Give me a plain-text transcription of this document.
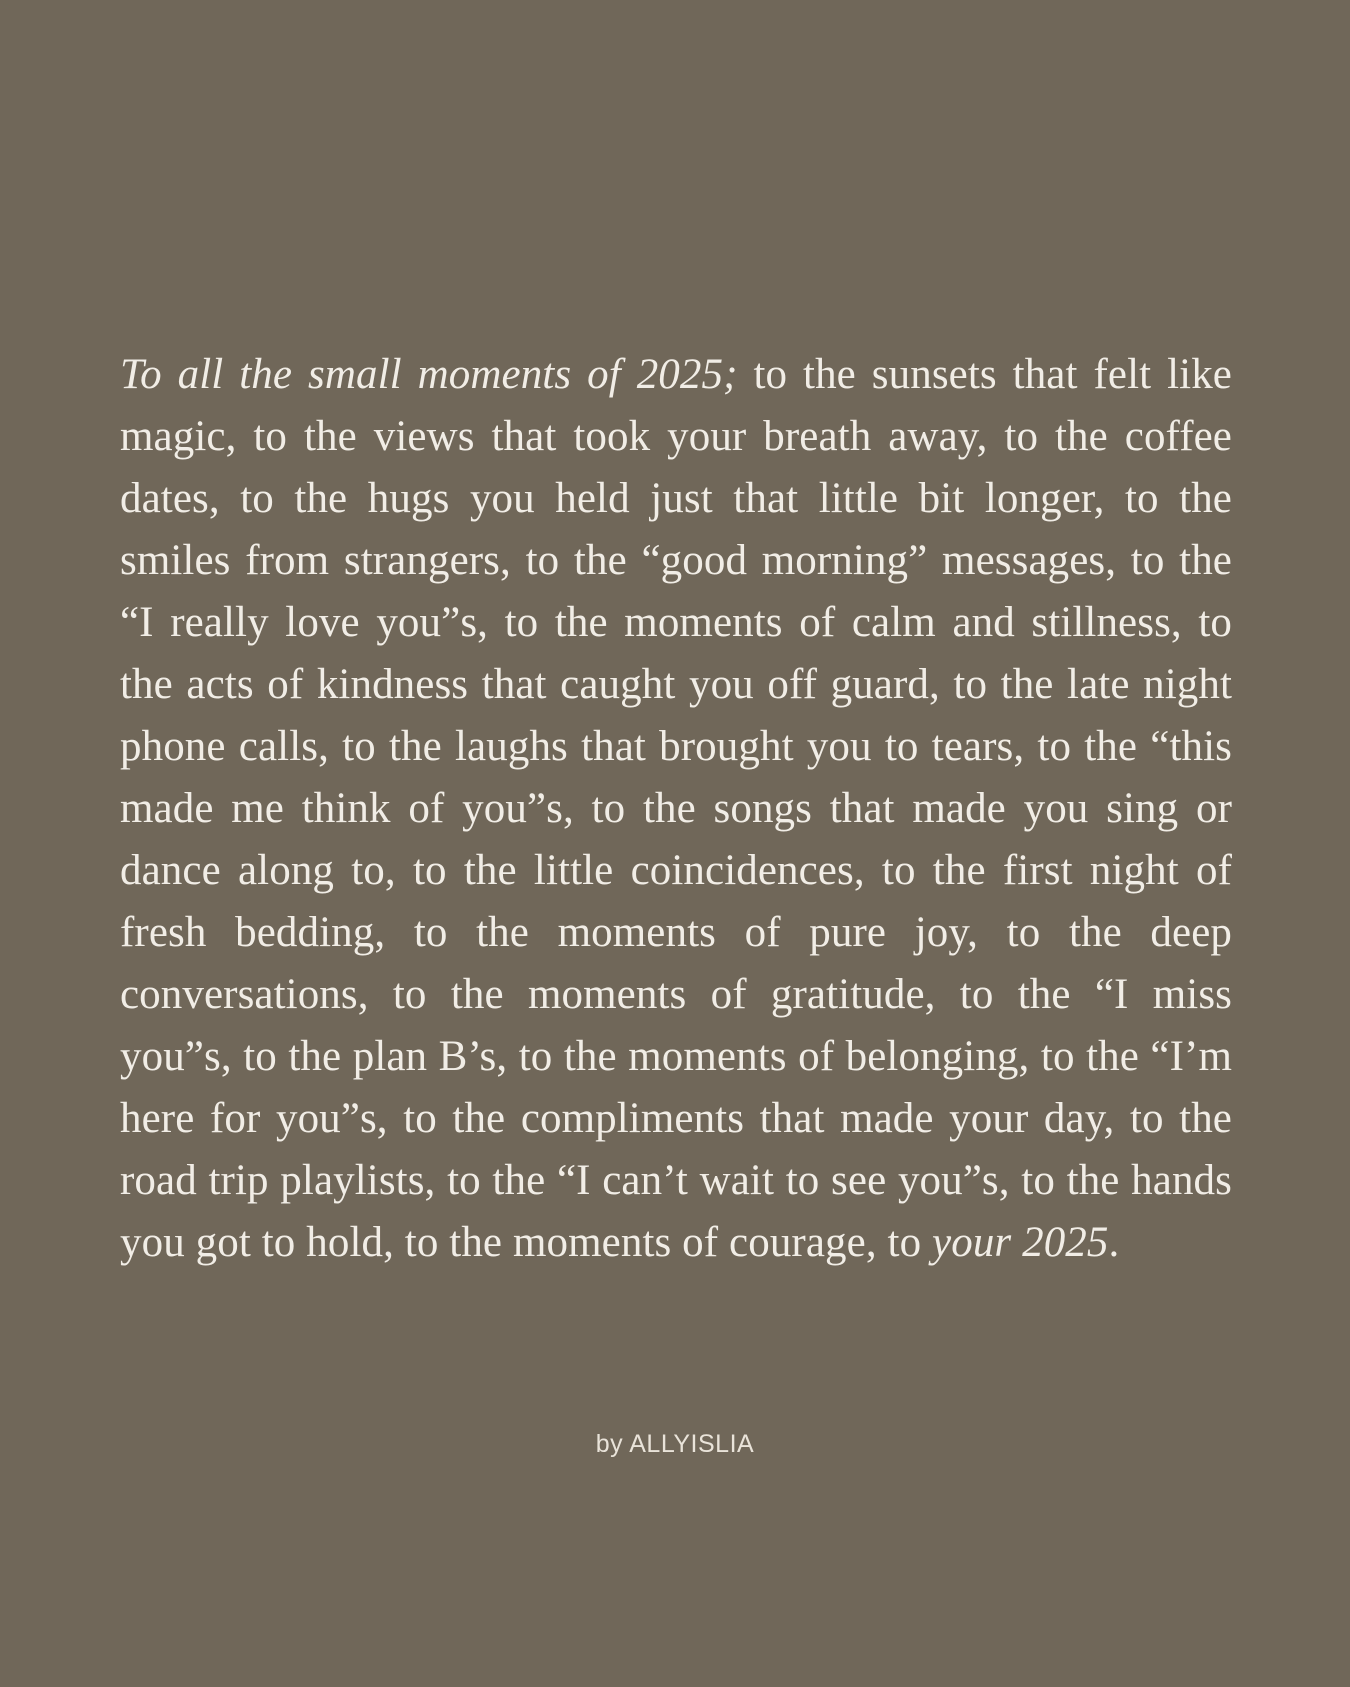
To all the small moments of 2025; to the sunsets that felt like magic, to the views that took your breath away, to the coffee dates, to the hugs you held just that little bit longer, to the smiles from strangers, to the “good morning” messages, to the “I really love you”s, to the moments of calm and stillness, to the acts of kindness that caught you off guard, to the late night phone calls, to the laughs that brought you to tears, to the “this made me think of you”s, to the songs that made you sing or dance along to, to the little coincidences, to the first night of fresh bedding, to the moments of pure joy, to the deep conversations, to the moments of gratitude, to the “I miss you”s, to the plan B’s, to the moments of belonging, to the “I’m here for you”s, to the compliments that made your day, to the road trip playlists, to the “I can’t wait to see you”s, to the hands you got to hold, to the moments of courage, to your 2025.

by ALLYISLIA
